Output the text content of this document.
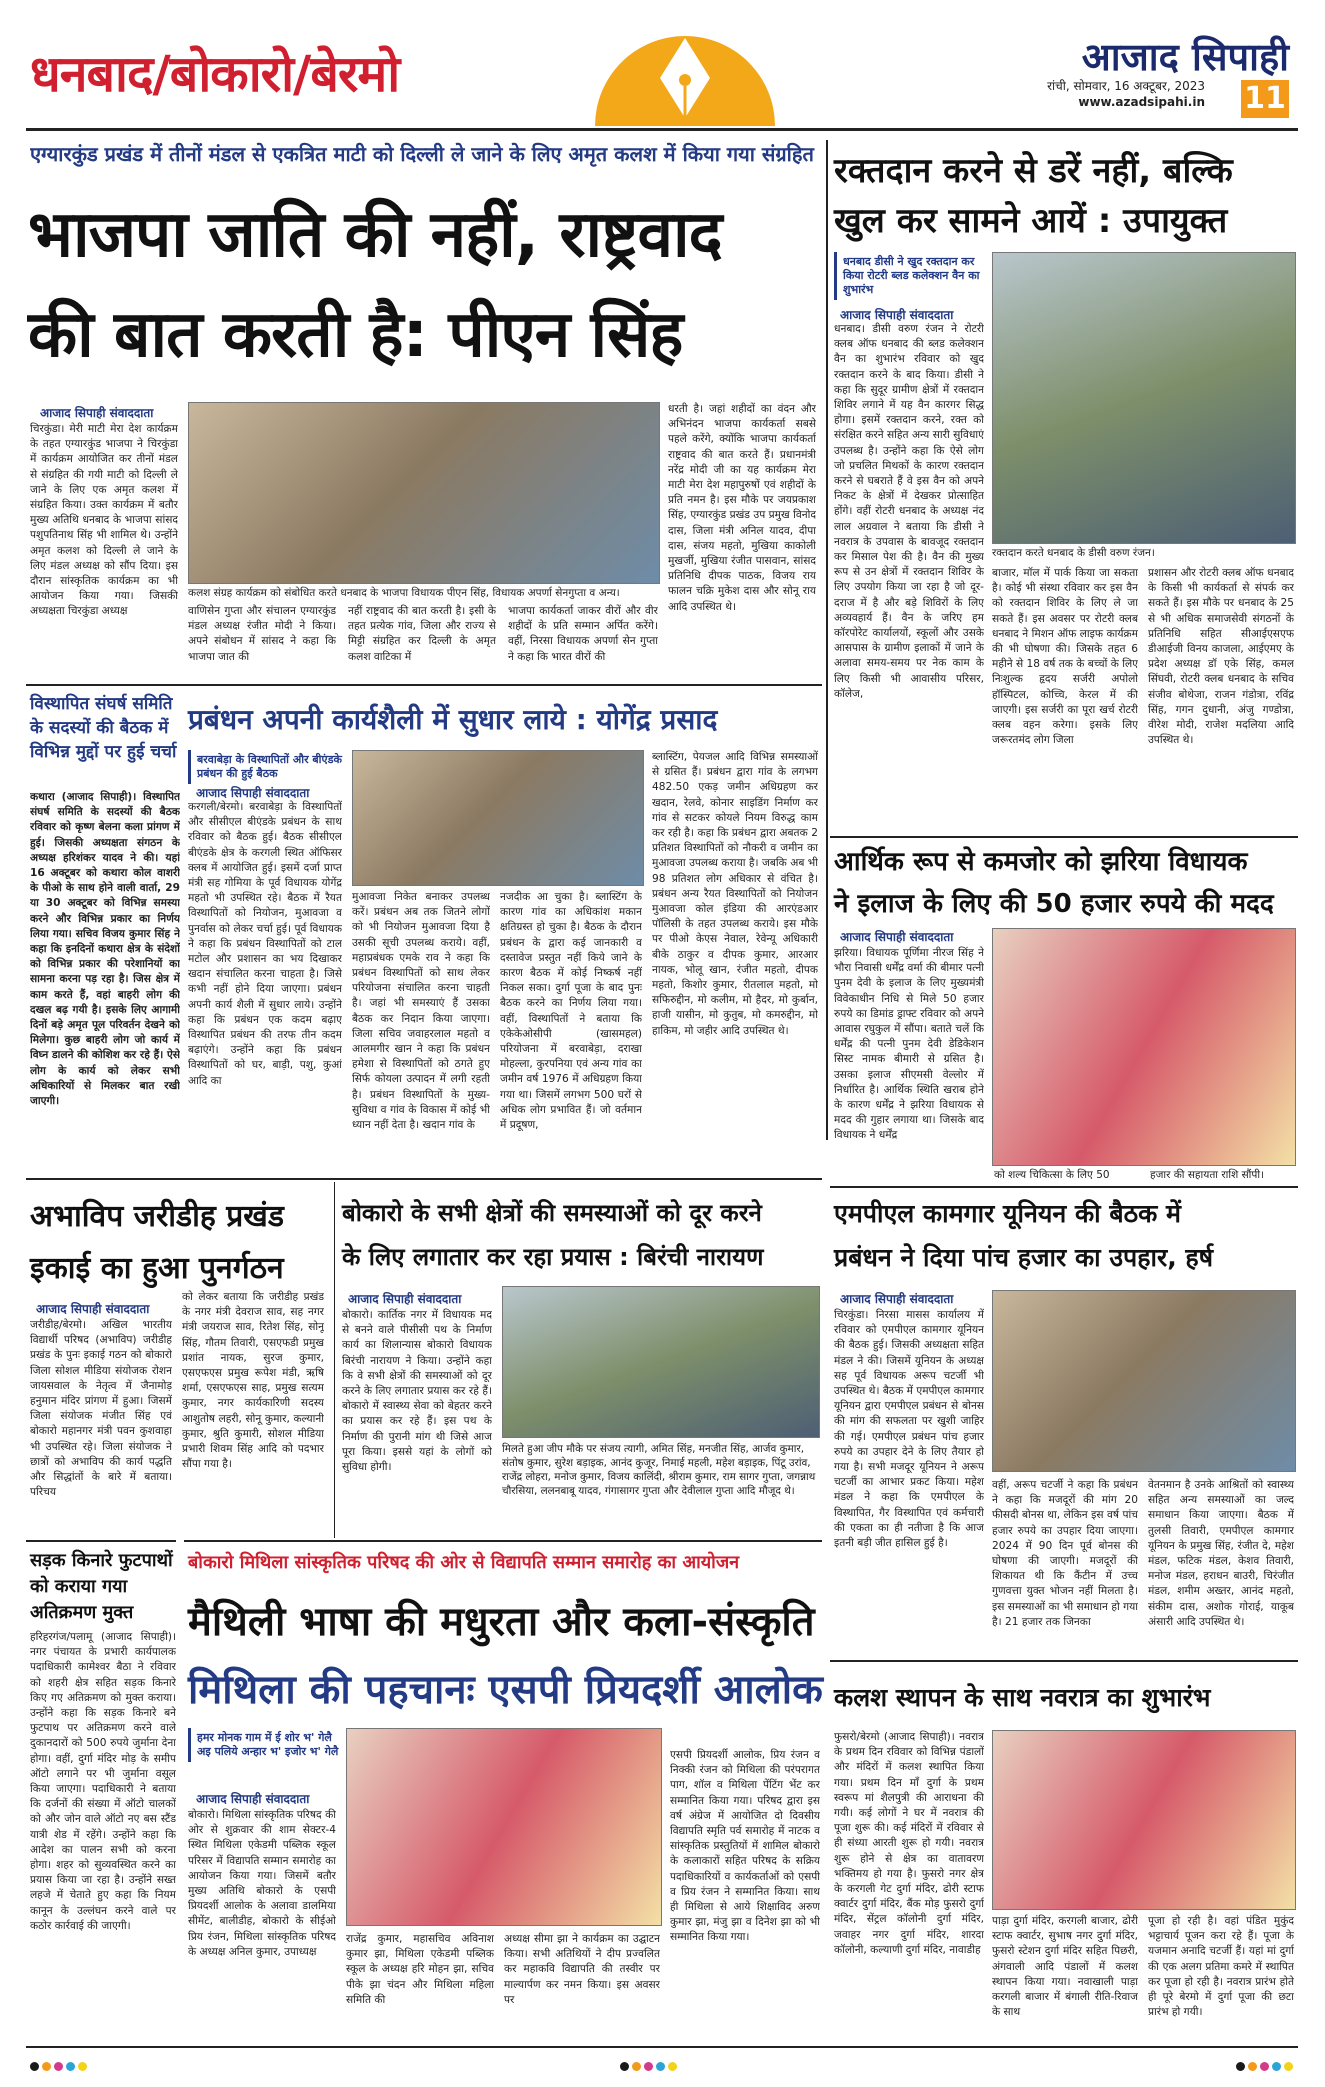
धनबाद/बोकारो/बेरमो	आजाद सिपाही
रांची, सोमवार, 16 अक्टूबर, 2023
www.azadsipahi.in 11
एग्यारकुंड प्रखंड में तीनों मंडल से एकत्रित माटी को दिल्ली ले जाने के लिए अमृत कलश में किया गया संग्रहित
भाजपा जाति की नहीं, राष्ट्रवाद
की बात करती है: पीएन सिंह
आजाद सिपाही संवाददाता
चिरकुंडा। मेरी माटी मेरा देश कार्यक्रम के तहत एग्यारकुंड भाजपा ने चिरकुंडा में कार्यक्रम आयोजित कर तीनों मंडल से संग्रहित की गयी माटी को दिल्ली ले जाने के लिए एक अमृत कलश में संग्रहित किया। उक्त कार्यक्रम में बतौर मुख्य अतिथि धनबाद के भाजपा सांसद पशुपतिनाथ सिंह भी शामिल थे। उन्होंने अमृत कलश को दिल्ली ले जाने के लिए मंडल अध्यक्ष को सौंप दिया। इस दौरान सांस्कृतिक कार्यक्रम का भी आयोजन किया गया। जिसकी अध्यक्षता चिरकुंडा अध्यक्ष
कलश संग्रह कार्यक्रम को संबोधित करते धनबाद के भाजपा विधायक पीएन सिंह, विधायक अपर्णा सेनगुप्ता व अन्य।
वाणिसेन गुप्ता और संचालन एग्यारकुंड मंडल अध्यक्ष रंजीत मोदी ने किया। अपने संबोधन में सांसद ने कहा कि भाजपा जात की
नहीं राष्ट्रवाद की बात करती है। इसी के तहत प्रत्येक गांव, जिला और राज्य से मिट्टी संग्रहित कर दिल्ली के अमृत कलश वाटिका में
भाजपा कार्यकर्ता जाकर वीरों और वीर शहीदों के प्रति सम्मान अर्पित करेंगे। वहीं, निरसा विधायक अपर्णा सेन गुप्ता ने कहा कि भारत वीरों की
धरती है। जहां शहीदों का वंदन और अभिनंदन भाजपा कार्यकर्ता सबसे पहले करेंगे, क्योंकि भाजपा कार्यकर्ता राष्ट्रवाद की बात करते हैं। प्रधानमंत्री नरेंद्र मोदी जी का यह कार्यक्रम मेरा माटी मेरा देश महापुरुषों एवं शहीदों के प्रति नमन है। इस मौके पर जयप्रकाश सिंह, एग्यारकुंड प्रखंड उप प्रमुख विनोद दास, जिला मंत्री अनिल यादव, दीपा दास, संजय महतो, मुखिया काकोली मुखर्जी, मुखिया रंजीत पासवान, सांसद प्रतिनिधि दीपक पाठक, विजय राय फालन चक्रि मुकेश दास और सोनू राय आदि उपस्थित थे।
रक्तदान करने से डरें नहीं, बल्कि
खुल कर सामने आयें : उपायुक्त
धनबाद डीसी ने खुद रक्तदान कर किया रोटरी ब्लड कलेक्शन वैन का शुभारंभ
आजाद सिपाही संवाददाता
रक्तदान करते धनबाद के डीसी वरुण रंजन।
धनबाद। डीसी वरुण रंजन ने रोटरी क्लब ऑफ धनबाद की ब्लड कलेक्शन वैन का शुभारंभ रविवार को खुद रक्तदान करने के बाद किया। डीसी ने कहा कि सुदूर ग्रामीण क्षेत्रों में रक्तदान शिविर लगाने में यह वैन कारगर सिद्ध होगा। इसमें रक्तदान करने, रक्त को संरक्षित करने सहित अन्य सारी सुविधाएं उपलब्ध है। उन्होंने कहा कि ऐसे लोग जो प्रचलित मिथकों के कारण रक्तदान करने से घबराते हैं वे इस वैन को अपने निकट के क्षेत्रों में देखकर प्रोत्साहित होंगे। वहीं रोटरी धनबाद के अध्यक्ष नंद लाल अग्रवाल ने बताया कि डीसी ने नवरात्र के उपवास के बावजूद रक्तदान कर मिसाल पेश की है। वैन की मुख्य रूप से उन क्षेत्रों में रक्तदान शिविर के लिए उपयोग किया जा रहा है जो दूर-दराज में है और बड़े शिविरों के लिए अव्यवहार्य हैं। वैन के जरिए हम कॉरपोरेट कार्यालयों, स्कूलों और उसके आसपास के ग्रामीण इलाकों में जाने के अलावा समय-समय पर नेक काम के लिए किसी भी आवासीय परिसर, कॉलेज,
बाजार, मॉल में पार्क किया जा सकता है। कोई भी संस्था रविवार कर इस वैन को रक्तदान शिविर के लिए ले जा सकते हैं। इस अवसर पर रोटरी क्लब धनबाद ने मिशन ऑफ लाइफ कार्यक्रम की भी घोषणा की। जिसके तहत 6 महीने से 18 वर्ष तक के बच्चों के लिए निःशुल्क हृदय सर्जरी अपोलो हॉस्पिटल, कोच्चि, केरल में की जाएगी। इस सर्जरी का पूरा खर्च रोटरी क्लब वहन करेगा। इसके लिए जरूरतमंद लोग जिला
प्रशासन और रोटरी क्लब ऑफ धनबाद के किसी भी कार्यकर्ता से संपर्क कर सकते हैं। इस मौके पर धनबाद के 25 से भी अधिक समाजसेवी संगठनों के प्रतिनिधि सहित सीआईएसएफ डीआईजी विनय काजला, आईएमए के प्रदेश अध्यक्ष डॉ एके सिंह, कमल सिंघवी, रोटरी क्लब धनबाद के सचिव संजीव बोथेजा, राजन गंडोत्रा, रविंद्र सिंह, गगन दुधानी, अंजु गण्डोत्रा, वीरेश मोदी, राजेश मदलिया आदि उपस्थित थे।
विस्थापित संघर्ष समिति के सदस्यों की बैठक में विभिन्न मुद्दों पर हुई चर्चा
कथारा (आजाद सिपाही)। विस्थापित संघर्ष समिति के सदस्यों की बैठक रविवार को कृष्ण बेलना कला प्रांगण में हुई। जिसकी अध्यक्षता संगठन के अध्यक्ष हरिशंकर यादव ने की। यहां 16 अक्टूबर को कथारा कोल वाशरी के पीओ के साथ होने वाली वार्ता, 29 या 30 अक्टूबर को विभिन्न समस्या करने और विभिन्न प्रकार का निर्णय लिया गया। सचिव विजय कुमार सिंह ने कहा कि इनदिनों कथारा क्षेत्र के संदेशों को विभिन्न प्रकार की परेशानियों का सामना करना पड़ रहा है। जिस क्षेत्र में काम करते हैं, वहां बाहरी लोग की दखल बढ़ गयी है। इसके लिए आगामी दिनों बड़े अमृत पूल परिवर्तन देखने को मिलेगा। कुछ बाहरी लोग जो कार्य में विघ्न डालने की कोशिश कर रहे हैं। ऐसे लोग के कार्य को लेकर सभी अधिकारियों से मिलकर बात रखी जाएगी।
प्रबंधन अपनी कार्यशैली में सुधार लाये : योगेंद्र प्रसाद
बरवाबेड़ा के विस्थापितों और बीएंडके प्रबंधन की हुई बैठक
आजाद सिपाही संवाददाता
करगली/बेरमो। बरवाबेड़ा के विस्थापितों और सीसीएल बीएंडके प्रबंधन के साथ रविवार को बैठक हुई। बैठक सीसीएल बीएंडके क्षेत्र के करगली स्थित ऑफिसर क्लब में आयोजित हुई। इसमें दर्जा प्राप्त मंत्री सह गोमिया के पूर्व विधायक योगेंद्र महतो भी उपस्थित रहे। बैठक में रैयत विस्थापितों को नियोजन, मुआवजा व पुनर्वास को लेकर चर्चा हुई। पूर्व विधायक ने कहा कि प्रबंधन विस्थापितों को टाल मटोल और प्रशासन का भय दिखाकर खदान संचालित करना चाहता है। जिसे कभी नहीं होने दिया जाएगा। प्रबंधन अपनी कार्य शैली में सुधार लाये। उन्होंने कहा कि प्रबंधन एक कदम बढ़ाए विस्थापित प्रबंधन की तरफ तीन कदम बढ़ाएंगे। उन्होंने कहा कि प्रबंधन विस्थापितों को घर, बाड़ी, पशु, कुआं आदि का
मुआवजा निकेत बनाकर उपलब्ध करें। प्रबंधन अब तक जितने लोगों को भी नियोजन मुआवजा दिया है उसकी सूची उपलब्ध कराये। वहीं, महाप्रबंधक एमके राव ने कहा कि प्रबंधन विस्थापितों को साथ लेकर परियोजना संचालित करना चाहती है। जहां भी समस्याएं हैं उसका बैठक कर निदान किया जाएगा। जिला सचिव जवाहरलाल महतो व आलमगीर खान ने कहा कि प्रबंधन हमेशा से विस्थापितों को ठगते हुए सिर्फ कोयला उत्पादन में लगी रहती है। प्रबंधन विस्थापितों के मुख्य-सुविधा व गांव के विकास में कोई भी ध्यान नहीं देता है। खदान गांव के
नजदीक आ चुका है। ब्लास्टिंग के कारण गांव का अधिकांश मकान क्षतिग्रस्त हो चुका है। बैठक के दौरान प्रबंधन के द्वारा कई जानकारी व दस्तावेज प्रस्तुत नहीं किये जाने के कारण बैठक में कोई निष्कर्ष नहीं निकल सका। दुर्गा पूजा के बाद पुनः बैठक करने का निर्णय लिया गया। वहीं, विस्थापितों ने बताया कि एकेकेओसीपी (खासमहल) परियोजना में बरवाबेड़ा, दराखा मोहल्ला, कुरपनिया एवं अन्य गांव का जमीन वर्ष 1976 में अधिग्रहण किया गया था। जिसमें लगभग 500 घरों से अधिक लोग प्रभावित हैं। जो वर्तमान में प्रदूषण,
ब्लास्टिंग, पेयजल आदि विभिन्न समस्याओं से ग्रसित हैं। प्रबंधन द्वारा गांव के लगभग 482.50 एकड़ जमीन अधिग्रहण कर खदान, रेलवे, कोनार साइडिंग निर्माण कर गांव से सटकर कोयले नियम विरुद्ध काम कर रही है। कहा कि प्रबंधन द्वारा अबतक 2 प्रतिशत विस्थापितों को नौकरी व जमीन का मुआवजा उपलब्ध कराया है। जबकि अब भी 98 प्रतिशत लोग अधिकार से वंचित है। प्रबंधन अन्य रैयत विस्थापितों को नियोजन मुआवजा कोल इंडिया की आरएंडआर पॉलिसी के तहत उपलब्ध कराये। इस मौके पर पीओ केएस नेवाल, रेवेन्यू अधिकारी बीके ठाकुर व दीपक कुमार, आरआर नायक, भोलू खान, रंजीत महतो, दीपक महतो, किशोर कुमार, रीतलाल महतो, मो सफिरुद्दीन, मो कलीम, मो हैदर, मो कुर्बान, हाजी यासीन, मो कुतुब, मो कमरुद्दीन, मो हाकिम, मो जहीर आदि उपस्थित थे।
आर्थिक रूप से कमजोर को झरिया विधायक
ने इलाज के लिए की 50 हजार रुपये की मदद
आजाद सिपाही संवाददाता
झरिया। विधायक पूर्णिमा नीरज सिंह ने भौरा निवासी धर्मेंद्र वर्मा की बीमार पत्नी पुनम देवी के इलाज के लिए मुख्यमंत्री विवेकाधीन निधि से मिले 50 हजार रुपये का डिमांड ड्राफ्ट रविवार को अपने आवास रघुकुल में सौंपा। बताते चलें कि धर्मेंद्र की पत्नी पुनम देवी डेडिकेशन सिस्ट नामक बीमारी से ग्रसित है। उसका इलाज सीएमसी वेल्लोर में निर्धारित है। आर्थिक स्थिति खराब होने के कारण धर्मेंद्र ने झरिया विधायक से मदद की गुहार लगाया था। जिसके बाद विधायक ने धर्मेंद्र
को शल्य चिकित्सा के लिए 50	हजार की सहायता राशि सौंपी।
अभाविप जरीडीह प्रखंड
इकाई का हुआ पुनर्गठन
आजाद सिपाही संवाददाता
जरीडीह/बेरमो। अखिल भारतीय विद्यार्थी परिषद (अभाविप) जरीडीह प्रखंड के पुनः इकाई गठन को बोकारो जिला सोशल मीडिया संयोजक रोशन जायसवाल के नेतृत्व में जैनामोड़ हनुमान मंदिर प्रांगण में हुआ। जिसमें जिला संयोजक मंजीत सिंह एवं बोकारो महानगर मंत्री पवन कुशवाहा भी उपस्थित रहे। जिला संयोजक ने छात्रों को अभाविप की कार्य पद्धति और सिद्धांतों के बारे में बताया। परिचय
को लेकर बताया कि जरीडीह प्रखंड के नगर मंत्री देवराज साव, सह नगर मंत्री जयराज साव, रितेश सिंह, सोनू सिंह, गौतम तिवारी, एसएफडी प्रमुख प्रशांत नायक, सुरज कुमार, एसएफएस प्रमुख रूपेश मंडी, ऋषि शर्मा, एसएफएस साह, प्रमुख सत्यम कुमार, नगर कार्यकारिणी सदस्य आशुतोष लहरी, सोनू कुमार, कल्यानी कुमार, श्रुति कुमारी, सोशल मीडिया प्रभारी शिवम सिंह आदि को पदभार सौंपा गया है।
बोकारो के सभी क्षेत्रों की समस्याओं को दूर करने
के लिए लगातार कर रहा प्रयास : बिरंची नारायण
आजाद सिपाही संवाददाता
बोकारो। कार्तिक नगर में विधायक मद से बनने वाले पीसीसी पथ के निर्माण कार्य का शिलान्यास बोकारो विधायक बिरंची नारायण ने किया। उन्होंने कहा कि वे सभी क्षेत्रों की समस्याओं को दूर करने के लिए लगातार प्रयास कर रहे हैं। बोकारो में स्वास्थ्य सेवा को बेहतर करने का प्रयास कर रहे हैं। इस पथ के निर्माण की पुरानी मांग थी जिसे आज पूरा किया। इससे यहां के लोगों को सुविधा होगी।
मिलते हुआ जीप मौके पर संजय त्यागी, अमित सिंह, मनजीत सिंह, आर्जव कुमार, संतोष कुमार, सुरेश बड़ाइक, आनंद कुजूर, निमाई महली, महेश बड़ाइक, पिंटू उरांव, राजेंद्र लोहरा, मनोज कुमार, विजय कालिंदी, श्रीराम कुमार, राम सागर गुप्ता, जगन्नाथ चौरसिया, ललनबाबू यादव, गंगासागर गुप्ता और देवीलाल गुप्ता आदि मौजूद थे।
एमपीएल कामगार यूनियन की बैठक में
प्रबंधन ने दिया पांच हजार का उपहार, हर्ष
आजाद सिपाही संवाददाता
चिरकुंडा। निरसा मासस कार्यालय में रविवार को एमपीएल कामगार यूनियन की बैठक हुई। जिसकी अध्यक्षता सहित मंडल ने की। जिसमें यूनियन के अध्यक्ष सह पूर्व विधायक अरूप चटर्जी भी उपस्थित थे। बैठक में एमपीएल कामगार यूनियन द्वारा एमपीएल प्रबंधन से बोनस की मांग की सफलता पर खुशी जाहिर की गई। एमपीएल प्रबंधन पांच हजार रुपये का उपहार देने के लिए तैयार हो गया है। सभी मजदूर यूनियन ने अरूप चटर्जी का आभार प्रकट किया। महेश मंडल ने कहा कि एमपीएल के विस्थापित, गैर विस्थापित एवं कर्मचारी की एकता का ही नतीजा है कि आज इतनी बड़ी जीत हासिल हुई है।
वहीं, अरूप चटर्जी ने कहा कि प्रबंधन ने कहा कि मजदूरों की मांग 20 फीसदी बोनस था, लेकिन इस वर्ष पांच हजार रुपये का उपहार दिया जाएगा। 2024 में 90 दिन पूर्व बोनस की घोषणा की जाएगी। मजदूरों की शिकायत थी कि कैंटीन में उच्च गुणवत्ता युक्त भोजन नहीं मिलता है। इस समस्याओं का भी समाधान हो गया है। 21 हजार तक जिनका
वेतनमान है उनके आश्रितों को स्वास्थ्य सहित अन्य समस्याओं का जल्द समाधान किया जाएगा। बैठक में तुलसी तिवारी, एमपीएल कामगार यूनियन के प्रमुख सिंह, रंजीत दे, महेश मंडल, फटिक मंडल, केशव तिवारी, मनोज मंडल, हराधन बाउरी, चिरंजीत मंडल, शमीम अख्तर, आनंद महतो, संकीम दास, अशोक गोराई, याकूब अंसारी आदि उपस्थित थे।
सड़क किनारे फुटपाथों को कराया गया अतिक्रमण मुक्त
हरिहरगंज/पलामू (आजाद सिपाही)। नगर पंचायत के प्रभारी कार्यपालक पदाधिकारी कामेश्वर बैठा ने रविवार को शहरी क्षेत्र सहित सड़क किनारे किए गए अतिक्रमण को मुक्त कराया। उन्होंने कहा कि सड़क किनारे बने फुटपाथ पर अतिक्रमण करने वाले दुकानदारों को 500 रुपये जुर्माना देना होगा। वहीं, दुर्गा मंदिर मोड़ के समीप ऑटो लगाने पर भी जुर्माना वसूल किया जाएगा। पदाधिकारी ने बताया कि दर्जनों की संख्या में ऑटो चालकों को और जोन वाले ऑटो नए बस स्टैंड यात्री शेड में रहेंगे। उन्होंने कहा कि आदेश का पालन सभी को करना होगा। शहर को सुव्यवस्थित करने का प्रयास किया जा रहा है। उन्होंने सख्त लहजे में चेताते हुए कहा कि नियम कानून के उल्लंघन करने वाले पर कठोर कार्रवाई की जाएगी।
बोकारो मिथिला सांस्कृतिक परिषद की ओर से विद्यापति सम्मान समारोह का आयोजन
मैथिली भाषा की मधुरता और कला-संस्कृति
मिथिला की पहचानः एसपी प्रियदर्शी आलोक
हमर मोनक गाम में ई शोर भ' गेलै अइ पलिये अन्हार भ' इजोर भ' गेलै
आजाद सिपाही संवाददाता
बोकारो। मिथिला सांस्कृतिक परिषद की ओर से शुक्रवार की शाम सेक्टर-4 स्थित मिथिला एकेडमी पब्लिक स्कूल परिसर में विद्यापति सम्मान समारोह का आयोजन किया गया। जिसमें बतौर मुख्य अतिथि बोकारो के एसपी प्रियदर्शी आलोक के अलावा डालमिया सीमेंट, बालीडीह, बोकारो के सीईओ प्रिय रंजन, मिथिला सांस्कृतिक परिषद के अध्यक्ष अनिल कुमार, उपाध्यक्ष
राजेंद्र कुमार, महासचिव अविनाश कुमार झा, मिथिला एकेडमी पब्लिक स्कूल के अध्यक्ष हरि मोहन झा, सचिव पीके झा चंदन और मिथिला महिला समिति की
अध्यक्ष सीमा झा ने कार्यक्रम का उद्घाटन किया। सभी अतिथियों ने दीप प्रज्वलित कर महाकवि विद्यापति की तस्वीर पर माल्यार्पण कर नमन किया। इस अवसर पर
एसपी प्रियदर्शी आलोक, प्रिय रंजन व निक्की रंजन को मिथिला की परंपरागत पाग, शॉल व मिथिला पेंटिंग भेंट कर सम्मानित किया गया। परिषद द्वारा इस वर्ष अंग्रेज में आयोजित दो दिवसीय विद्यापति स्मृति पर्व समारोह में नाटक व सांस्कृतिक प्रस्तुतियों में शामिल बोकारो के कलाकारों सहित परिषद के सक्रिय पदाधिकारियों व कार्यकर्ताओं को एसपी व प्रिय रंजन ने सम्मानित किया। साथ ही मिथिला से आये शिक्षाविद अरुण कुमार झा, मंजु झा व दिनेश झा को भी सम्मानित किया गया।
कलश स्थापन के साथ नवरात्र का शुभारंभ
फुसरो/बेरमो (आजाद सिपाही)। नवरात्र के प्रथम दिन रविवार को विभिन्न पंडालों और मंदिरों में कलश स्थापित किया गया। प्रथम दिन माँ दुर्गा के प्रथम स्वरूप मां शैलपुत्री की आराधना की गयी। कई लोगों ने घर में नवरात्र की पूजा शुरू की। कई मंदिरों में रविवार से ही संध्या आरती शुरू हो गयी। नवरात्र शुरू होने से क्षेत्र का वातावरण भक्तिमय हो गया है। फुसरो नगर क्षेत्र के करगली गेट दुर्गा मंदिर, ढोरी स्टाफ क्वार्टर दुर्गा मंदिर, बैंक मोड़ फुसरो दुर्गा मंदिर, सेंट्रल कॉलोनी दुर्गा मंदिर, जवाहर नगर दुर्गा मंदिर, शारदा कॉलोनी, कल्याणी दुर्गा मंदिर, नावाडीह
पाड़ा दुर्गा मंदिर, करगली बाजार, ढोरी स्टाफ क्वार्टर, सुभाष नगर दुर्गा मंदिर, फुसरो स्टेशन दुर्गा मंदिर सहित पिछरी, अंगवाली आदि पंडालों में कलश स्थापन किया गया। नवाखाली पाड़ा करगली बाजार में बंगाली रीति-रिवाज के साथ
पूजा हो रही है। वहां पंडित मुकुंद भट्टाचार्य पूजन करा रहे हैं। पूजा के यजमान अनादि चटर्जी हैं। यहां मां दुर्गा की एक अलग प्रतिमा कमरे में स्थापित कर पूजा हो रही है। नवरात्र प्रारंभ होते ही पूरे बेरमो में दुर्गा पूजा की छटा प्रारंभ हो गयी।
